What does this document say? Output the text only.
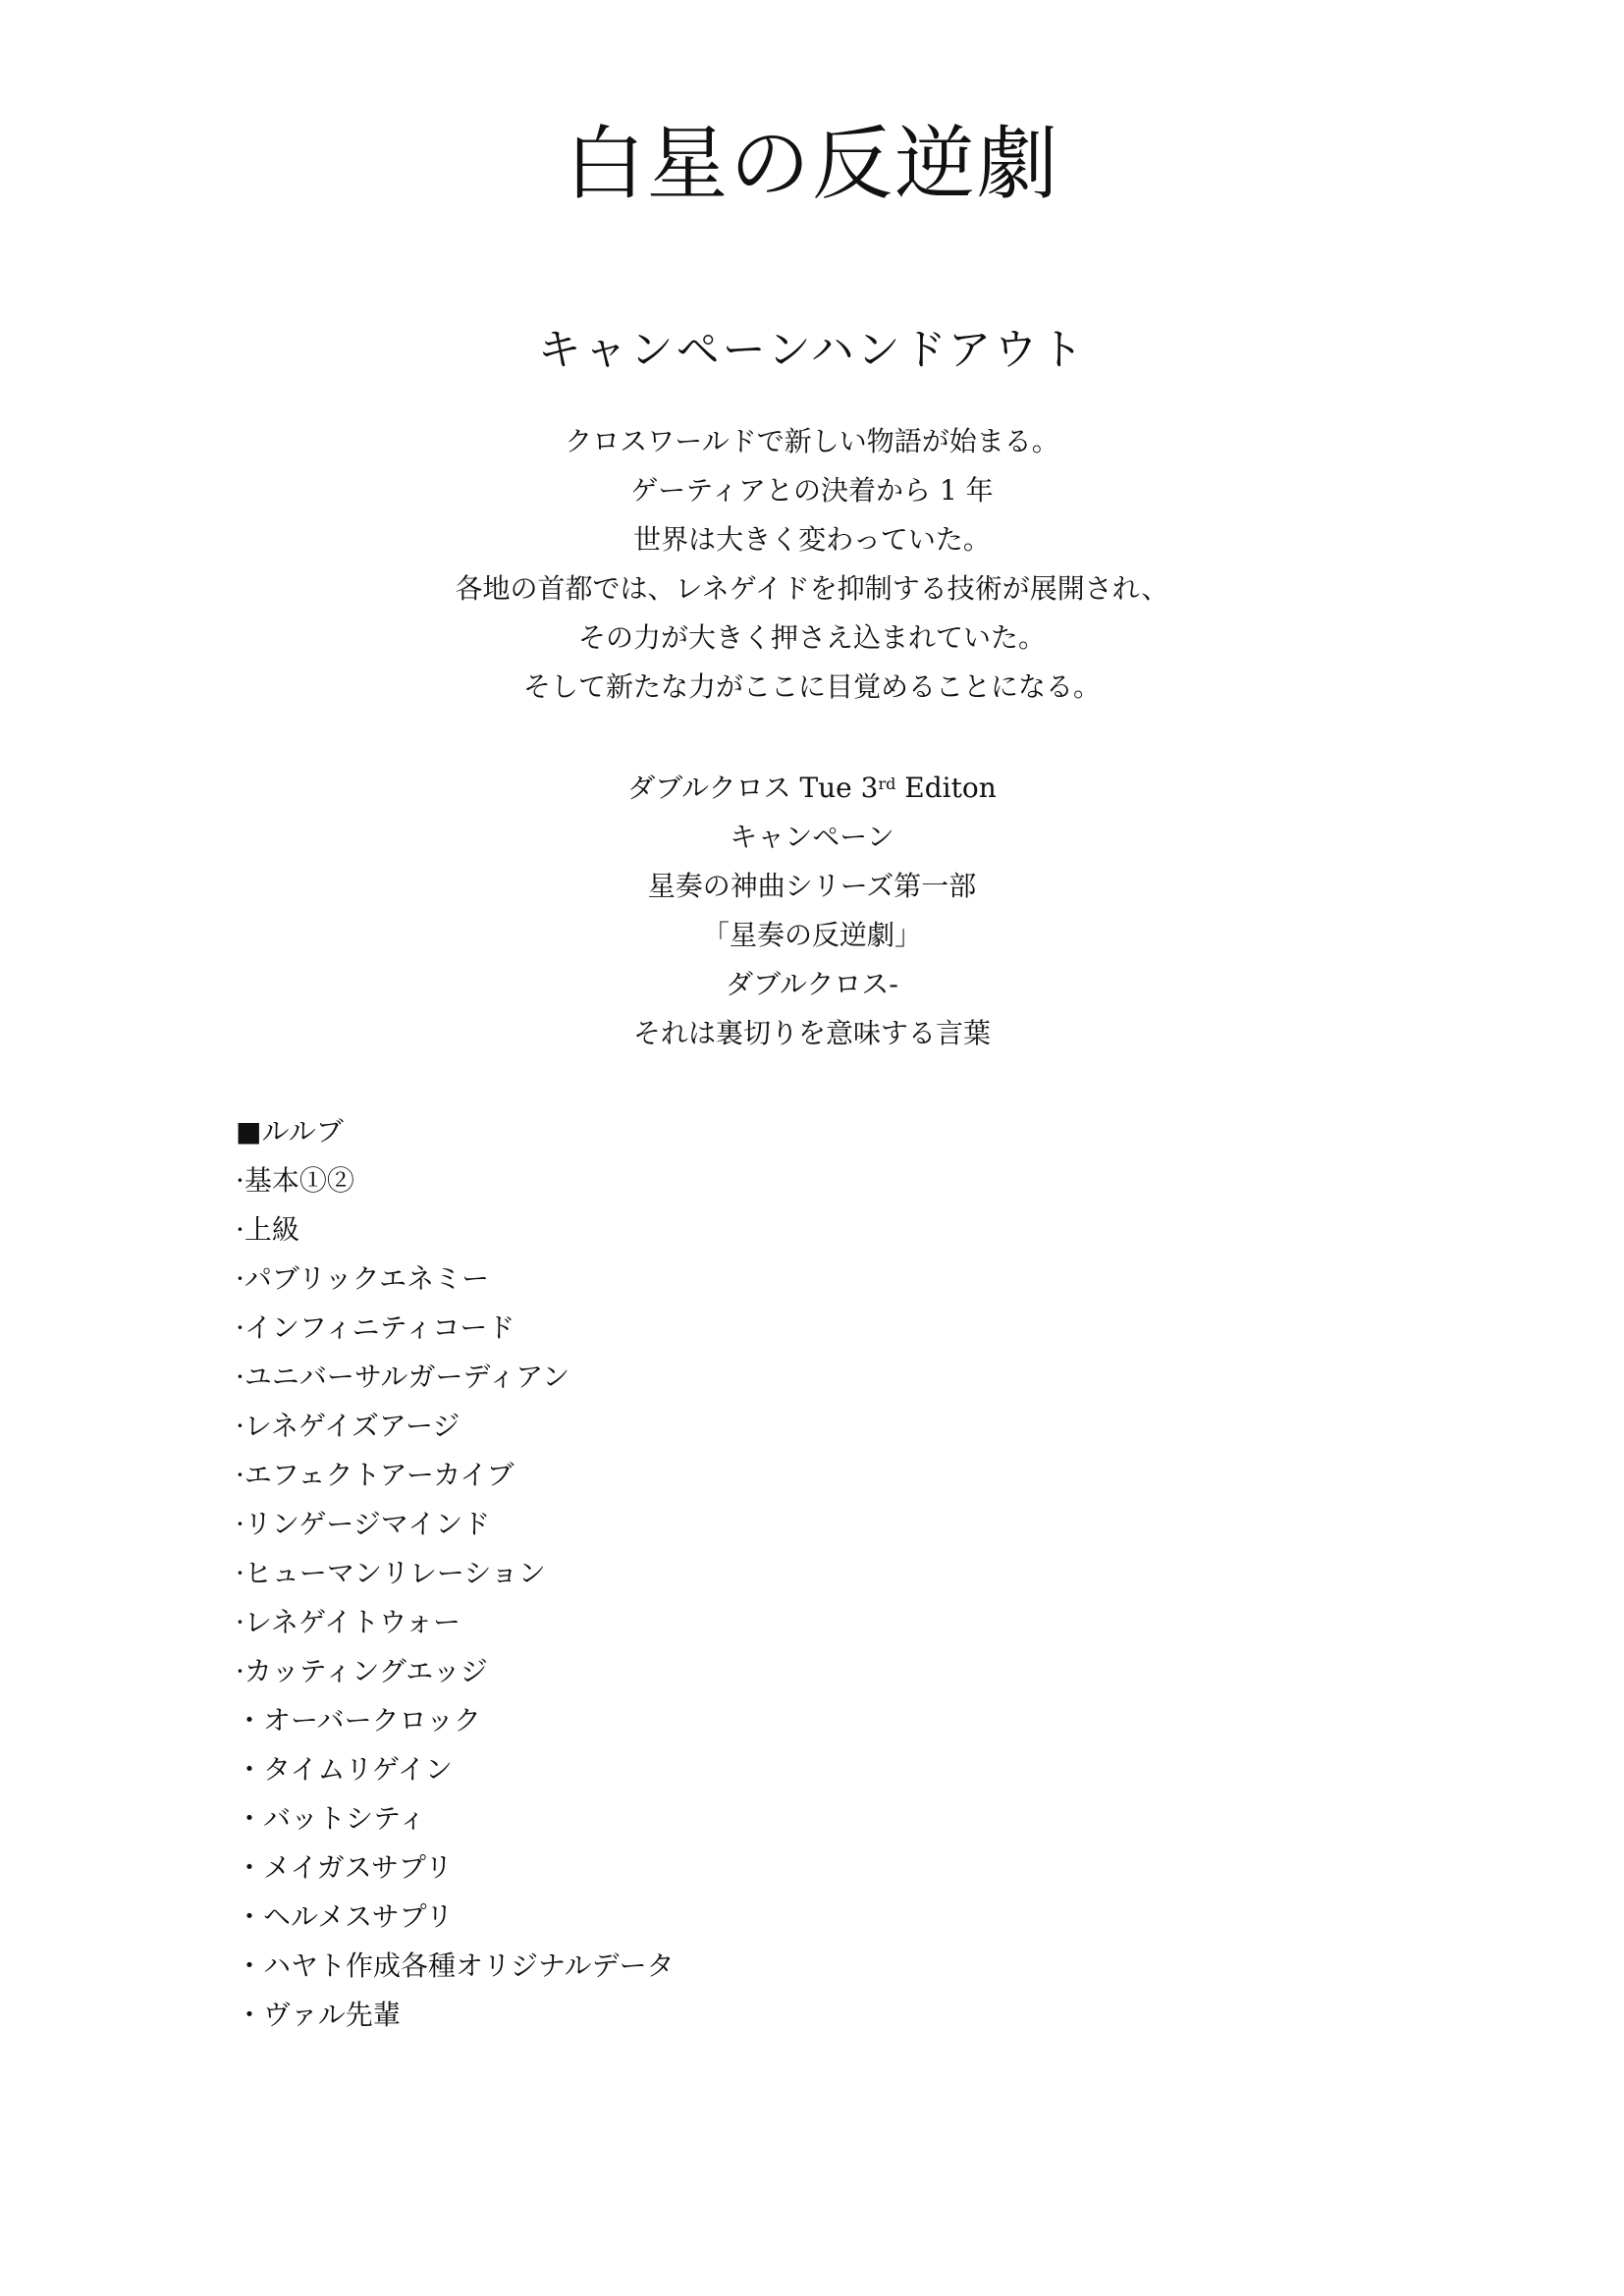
白星の反逆劇
キャンペーンハンドアウト
クロスワールドで新しい物語が始まる。
ゲーティアとの決着から 1 年
世界は大きく変わっていた。
各地の首都では、レネゲイドを抑制する技術が展開され、
その力が大きく押さえ込まれていた。
そして新たな力がここに目覚めることになる。
ダブルクロス Tue 3rd Editon
キャンペーン
星奏の神曲シリーズ第一部
「星奏の反逆劇」
ダブルクロス-
それは裏切りを意味する言葉
■ルルブ
·基本①②
·上級
·パブリックエネミー
·インフィニティコード
·ユニバーサルガーディアン
·レネゲイズアージ
·エフェクトアーカイブ
·リンゲージマインド
·ヒューマンリレーション
·レネゲイトウォー
·カッティングエッジ
・オーバークロック
・タイムリゲイン
・バットシティ
・メイガスサプリ
・ヘルメスサプリ
・ハヤト作成各種オリジナルデータ
・ヴァル先輩
